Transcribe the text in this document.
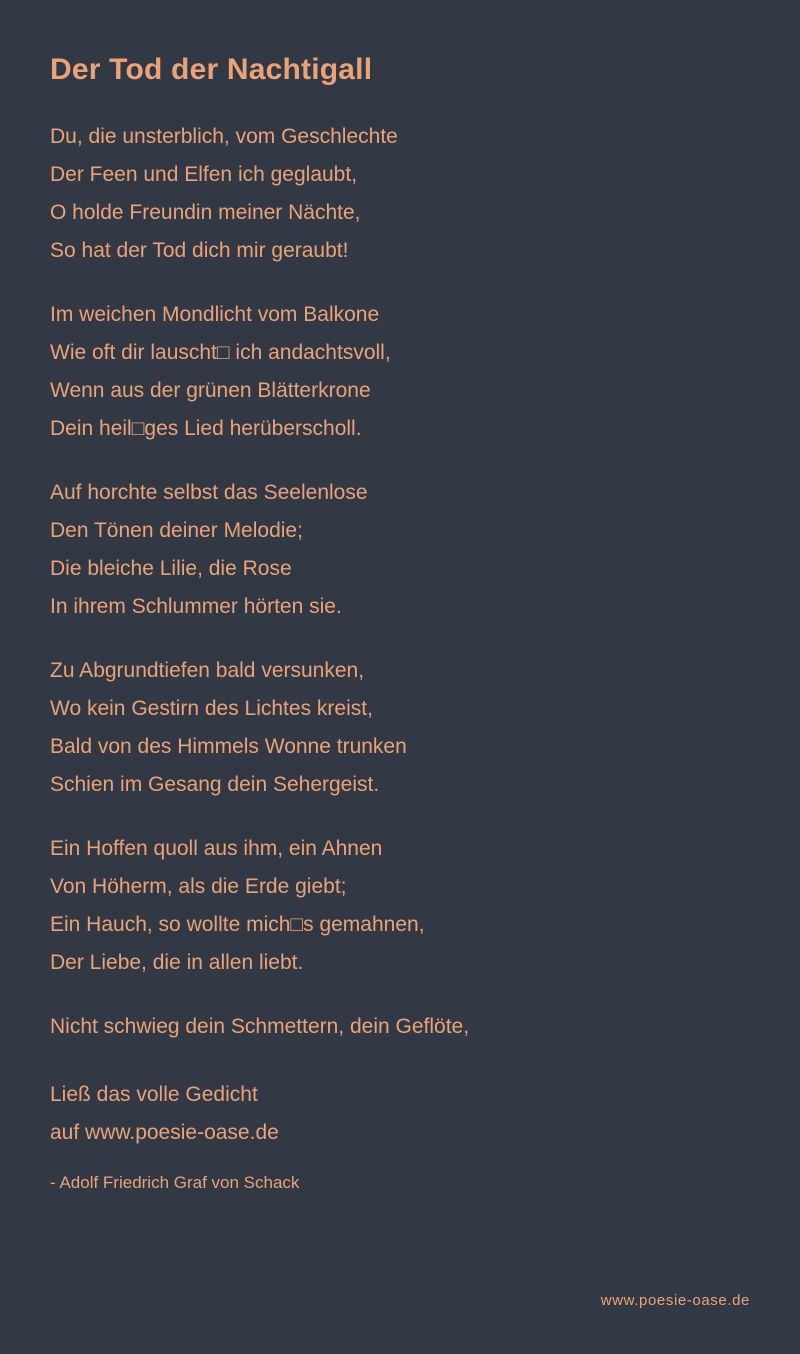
Der Tod der Nachtigall
Du, die unsterblich, vom Geschlechte
Der Feen und Elfen ich geglaubt,
O holde Freundin meiner Nächte,
So hat der Tod dich mir geraubt!
Im weichen Mondlicht vom Balkone
Wie oft dir lauscht□ ich andachtsvoll,
Wenn aus der grünen Blätterkrone
Dein heil□ges Lied herüberscholl.
Auf horchte selbst das Seelenlose
Den Tönen deiner Melodie;
Die bleiche Lilie, die Rose
In ihrem Schlummer hörten sie.
Zu Abgrundtiefen bald versunken,
Wo kein Gestirn des Lichtes kreist,
Bald von des Himmels Wonne trunken
Schien im Gesang dein Sehergeist.
Ein Hoffen quoll aus ihm, ein Ahnen
Von Höherm, als die Erde giebt;
Ein Hauch, so wollte mich□s gemahnen,
Der Liebe, die in allen liebt.
Nicht schwieg dein Schmettern, dein Geflöte,
Ließ das volle Gedicht
auf www.poesie-oase.de
- Adolf Friedrich Graf von Schack
www.poesie-oase.de
